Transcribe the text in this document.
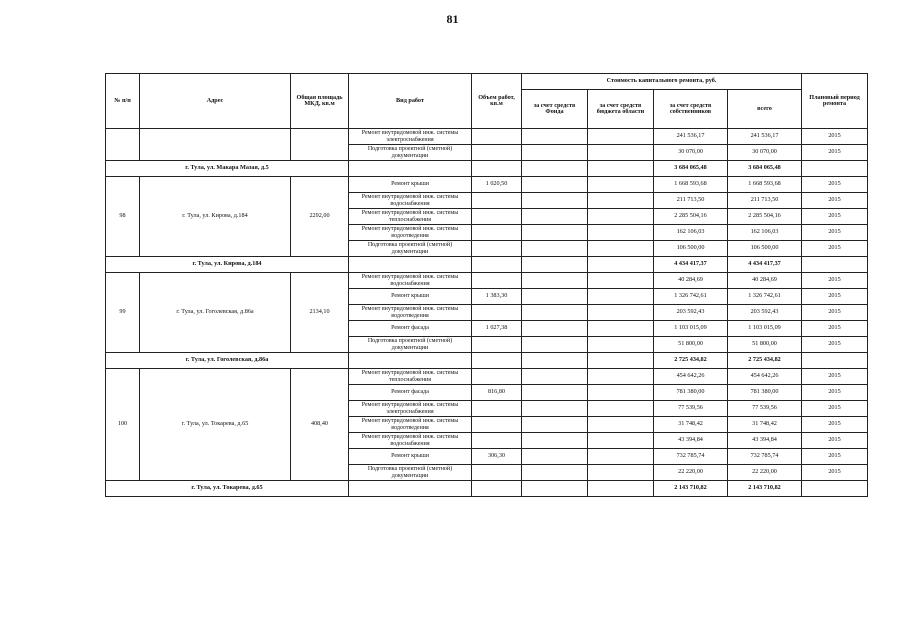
81
№ п/п	Адрес	Общая площадь МКД, кв.м	Вид работ	Объем работ, кв.м	Стоимость капитального ремонта, руб.				Плановый период ремонта
					за счет средств Фонда	за счет средств бюджета области	за счет средств собственников	всего	
			Ремонт внутридомовой инж. системы электроснабжения				241 536,17	241 536,17	2015
			Подготовка проектной (сметной) документации				30 070,00	30 070,00	2015
г. Тула, ул. Макара Мазая, д.5							3 684 065,48	3 684 065,48	
98	г. Тула, ул. Кирова, д.184	2292,00	Ремонт крыши	1 020,50			1 668 593,68	1 668 593,68	2015
			Ремонт внутридомовой инж. системы водоснабжения				211 713,50	211 713,50	2015
			Ремонт внутридомовой инж. системы теплоснабжения				2 285 504,16	2 285 504,16	2015
			Ремонт внутридомовой инж. системы водоотведения				162 106,03	162 106,03	2015
			Подготовка проектной (сметной) документации				106 500,00	106 500,00	2015
г. Тула, ул. Кирова, д.184							4 434 417,37	4 434 417,37	
99	г. Тула, ул. Гоголевская, д.86а	2134,10	Ремонт внутридомовой инж. системы водоснабжения				40 284,69	40 284,69	2015
			Ремонт крыши	1 383,30			1 326 742,61	1 326 742,61	2015
			Ремонт внутридомовой инж. системы водоотведения				203 592,43	203 592,43	2015
			Ремонт фасада	1 027,38			1 103 015,09	1 103 015,09	2015
			Подготовка проектной (сметной) документации				51 800,00	51 800,00	2015
г. Тула, ул. Гоголевская, д.86а							2 725 434,82	2 725 434,82	
100	г. Тула, ул. Токарева, д.65	408,40	Ремонт внутридомовой инж. системы теплоснабжения				454 642,26	454 642,26	2015
			Ремонт фасада	816,80			781 380,00	781 380,00	2015
			Ремонт внутридомовой инж. системы электроснабжения				77 539,56	77 539,56	2015
			Ремонт внутридомовой инж. системы водоотведения				31 748,42	31 748,42	2015
			Ремонт внутридомовой инж. системы водоснабжения				43 394,84	43 394,84	2015
			Ремонт крыши	306,30			732 785,74	732 785,74	2015
			Подготовка проектной (сметной) документации				22 220,00	22 220,00	2015
г. Тула, ул. Токарева, д.65							2 143 710,82	2 143 710,82	
